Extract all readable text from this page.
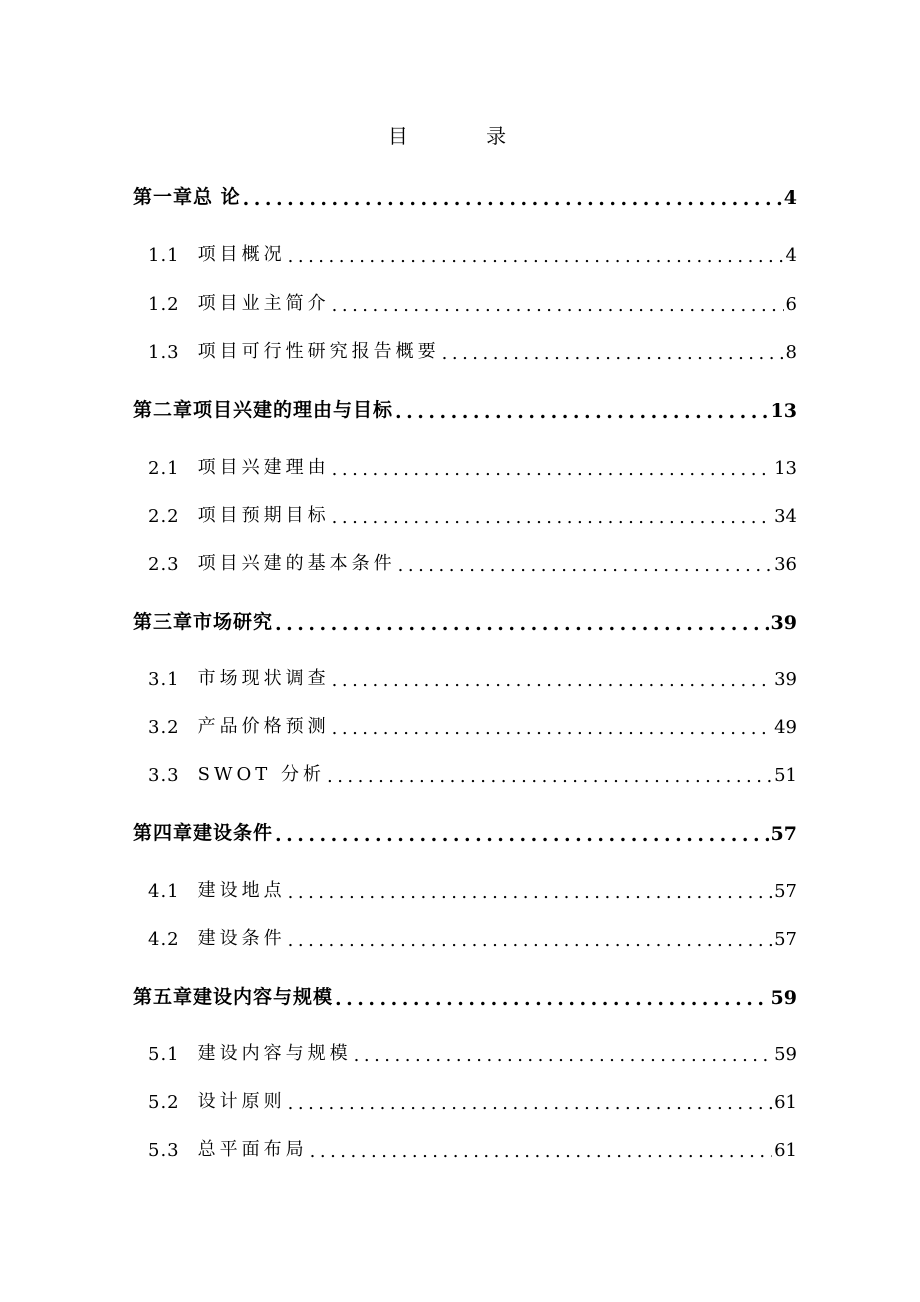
目 录
第一章总 论 .....	4
1.1 项目概况 .....	4
1.2 项目业主简介 .....	6
1.3 项目可行性研究报告概要 .....	8
第二章项目兴建的理由与目标 .....	13
2.1 项目兴建理由 .....	13
2.2 项目预期目标 .....	34
2.3 项目兴建的基本条件 .....	36
第三章市场研究 .....	39
3.1 市场现状调查 .....	39
3.2 产品价格预测 .....	49
3.3 SWOT 分析 .....	51
第四章建设条件 .....	57
4.1 建设地点 .....	57
4.2 建设条件 .....	57
第五章建设内容与规模 .....	59
5.1 建设内容与规模 .....	59
5.2 设计原则 .....	61
5.3 总平面布局 .....	61
